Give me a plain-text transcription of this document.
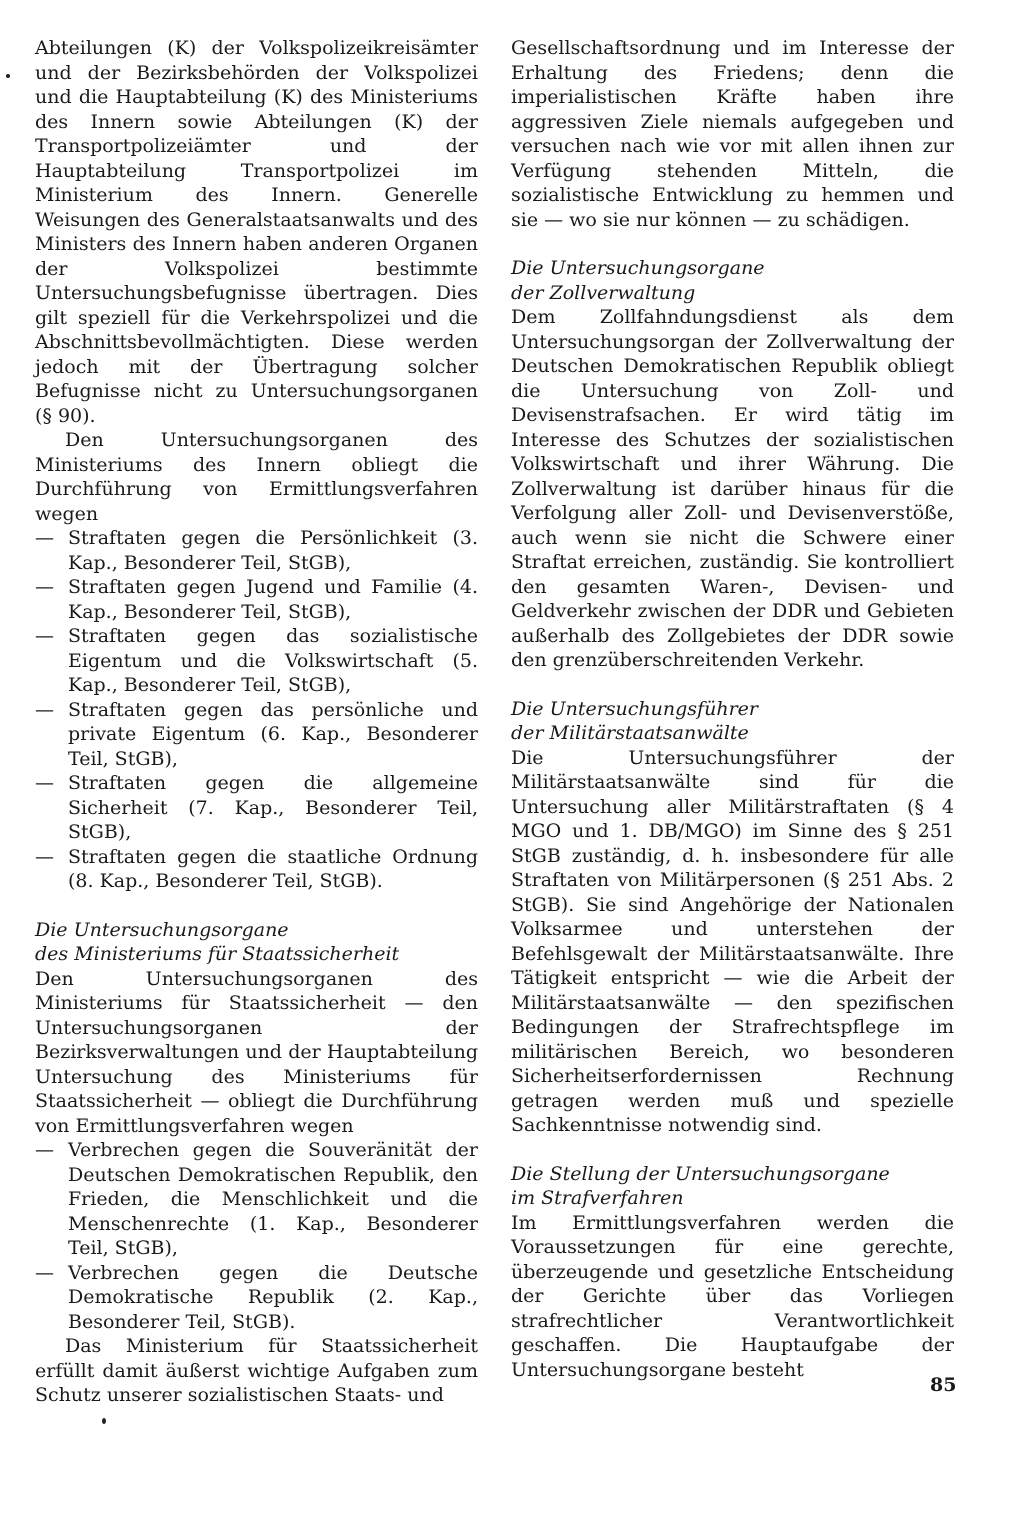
Abteilungen (K) der Volkspolizeikreisämter und der Bezirksbehörden der Volkspolizei und die Hauptabteilung (K) des Ministeriums des Innern sowie Abteilungen (K) der Transportpolizeiämter und der Hauptabteilung Transportpolizei im Ministerium des Innern. Generelle Weisungen des Generalstaatsanwalts und des Ministers des Innern haben anderen Organen der Volkspolizei bestimmte Untersuchungsbefugnisse übertragen. Dies gilt speziell für die Verkehrspolizei und die Abschnittsbevollmächtigten. Diese werden jedoch mit der Übertragung solcher Befugnisse nicht zu Untersuchungsorganen (§ 90).

Den Untersuchungsorganen des Ministeriums des Innern obliegt die Durchführung von Ermittlungsverfahren wegen

— Straftaten gegen die Persönlichkeit (3. Kap., Besonderer Teil, StGB),
— Straftaten gegen Jugend und Familie (4. Kap., Besonderer Teil, StGB),
— Straftaten gegen das sozialistische Eigentum und die Volkswirtschaft (5. Kap., Besonderer Teil, StGB),
— Straftaten gegen das persönliche und private Eigentum (6. Kap., Besonderer Teil, StGB),
— Straftaten gegen die allgemeine Sicherheit (7. Kap., Besonderer Teil, StGB),
— Straftaten gegen die staatliche Ordnung (8. Kap., Besonderer Teil, StGB).

Die Untersuchungsorgane
des Ministeriums für Staatssicherheit

Den Untersuchungsorganen des Ministeriums für Staatssicherheit — den Untersuchungsorganen der Bezirksverwaltungen und der Hauptabteilung Untersuchung des Ministeriums für Staatssicherheit — obliegt die Durchführung von Ermittlungsverfahren wegen

— Verbrechen gegen die Souveränität der Deutschen Demokratischen Republik, den Frieden, die Menschlichkeit und die Menschenrechte (1. Kap., Besonderer Teil, StGB),
— Verbrechen gegen die Deutsche Demokratische Republik (2. Kap., Besonderer Teil, StGB).

Das Ministerium für Staatssicherheit erfüllt damit äußerst wichtige Aufgaben zum Schutz unserer sozialistischen Staats- und

Gesellschaftsordnung und im Interesse der Erhaltung des Friedens; denn die imperialistischen Kräfte haben ihre aggressiven Ziele niemals aufgegeben und versuchen nach wie vor mit allen ihnen zur Verfügung stehenden Mitteln, die sozialistische Entwicklung zu hemmen und sie — wo sie nur können — zu schädigen.

Die Untersuchungsorgane
der Zollverwaltung

Dem Zollfahndungsdienst als dem Untersuchungsorgan der Zollverwaltung der Deutschen Demokratischen Republik obliegt die Untersuchung von Zoll- und Devisenstrafsachen. Er wird tätig im Interesse des Schutzes der sozialistischen Volkswirtschaft und ihrer Währung. Die Zollverwaltung ist darüber hinaus für die Verfolgung aller Zoll- und Devisenverstöße, auch wenn sie nicht die Schwere einer Straftat erreichen, zuständig. Sie kontrolliert den gesamten Waren-, Devisen- und Geldverkehr zwischen der DDR und Gebieten außerhalb des Zollgebietes der DDR sowie den grenzüberschreitenden Verkehr.

Die Untersuchungsführer
der Militärstaatsanwälte

Die Untersuchungsführer der Militärstaatsanwälte sind für die Untersuchung aller Militärstraftaten (§ 4 MGO und 1. DB/MGO) im Sinne des § 251 StGB zuständig, d. h. insbesondere für alle Straftaten von Militärpersonen (§ 251 Abs. 2 StGB). Sie sind Angehörige der Nationalen Volksarmee und unterstehen der Befehlsgewalt der Militärstaatsanwälte. Ihre Tätigkeit entspricht — wie die Arbeit der Militärstaatsanwälte — den spezifischen Bedingungen der Strafrechtspflege im militärischen Bereich, wo besonderen Sicherheitserfordernissen Rechnung getragen werden muß und spezielle Sachkenntnisse notwendig sind.

Die Stellung der Untersuchungsorgane
im Strafverfahren

Im Ermittlungsverfahren werden die Voraussetzungen für eine gerechte, überzeugende und gesetzliche Entscheidung der Gerichte über das Vorliegen strafrechtlicher Verantwortlichkeit geschaffen. Die Hauptaufgabe der Untersuchungsorgane besteht

85
